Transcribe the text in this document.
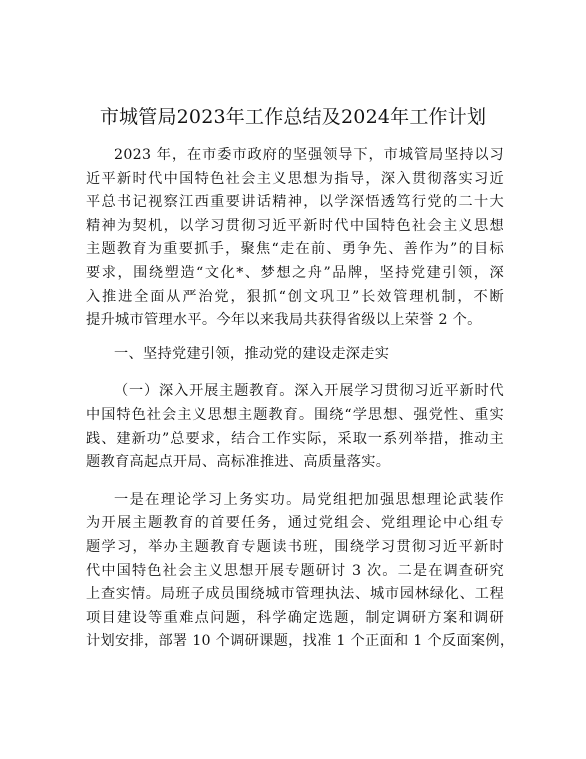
市城管局2023年工作总结及2024年工作计划
2023 年，在市委市政府的坚强领导下，市城管局坚持以习
近平新时代中国特色社会主义思想为指导，深入贯彻落实习近
平总书记视察江西重要讲话精神，以学深悟透笃行党的二十大
精神为契机，以学习贯彻习近平新时代中国特色社会主义思想
主题教育为重要抓手，聚焦“走在前、勇争先、善作为”的目标
要求，围绕塑造“文化*、梦想之舟”品牌，坚持党建引领，深
入推进全面从严治党，狠抓“创文巩卫”长效管理机制，不断
提升城市管理水平。今年以来我局共获得省级以上荣誉 2 个。
一、坚持党建引领，推动党的建设走深走实
（一）深入开展主题教育。深入开展学习贯彻习近平新时代
中国特色社会主义思想主题教育。围绕“学思想、强党性、重实
践、建新功”总要求，结合工作实际，采取一系列举措，推动主
题教育高起点开局、高标准推进、高质量落实。
一是在理论学习上务实功。局党组把加强思想理论武装作
为开展主题教育的首要任务，通过党组会、党组理论中心组专
题学习，举办主题教育专题读书班，围绕学习贯彻习近平新时
代中国特色社会主义思想开展专题研讨 3 次。二是在调查研究
上查实情。局班子成员围绕城市管理执法、城市园林绿化、工程
项目建设等重难点问题，科学确定选题，制定调研方案和调研
计划安排，部署 10 个调研课题，找准 1 个正面和 1 个反面案例，
